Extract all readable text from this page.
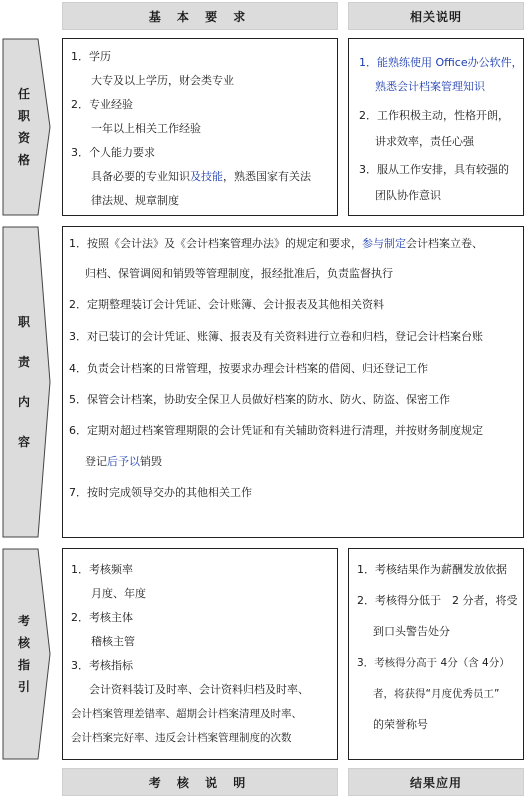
基 本 要 求	相关说明
任
职
资
格
1．学历
大专及以上学历，财会类专业
2．专业经验
一年以上相关工作经验
3．个人能力要求
具备必要的专业知识及技能，熟悉国家有关法
律法规、规章制度
1．能熟练使用 Office办公软件，
熟悉会计档案管理知识
2．工作积极主动，性格开朗，
讲求效率，责任心强
3．服从工作安排，具有较强的
团队协作意识
职
责
内
容
1．按照《会计法》及《会计档案管理办法》的规定和要求，参与制定会计档案立卷、
归档、保管调阅和销毁等管理制度，报经批准后，负责监督执行
2．定期整理装订会计凭证、会计账簿、会计报表及其他相关资料
3．对已装订的会计凭证、账簿、报表及有关资料进行立卷和归档，登记会计档案台账
4．负责会计档案的日常管理，按要求办理会计档案的借阅、归还登记工作
5．保管会计档案，协助安全保卫人员做好档案的防水、防火、防盗、保密工作
6．定期对超过档案管理期限的会计凭证和有关辅助资料进行清理，并按财务制度规定
登记后予以销毁
7．按时完成领导交办的其他相关工作
考
核
指
引
1．考核频率
月度、年度
2．考核主体
稽核主管
3．考核指标
会计资料装订及时率、会计资料归档及时率、
会计档案管理差错率、超期会计档案清理及时率、
会计档案完好率、违反会计档案管理制度的次数
1．考核结果作为薪酬发放依据
2．考核得分低于　2 分者，将受
到口头警告处分
3．考核得分高于 4分（含 4分）
者，将获得“月度优秀员工”
的荣誉称号
考 核 说 明	结果应用
